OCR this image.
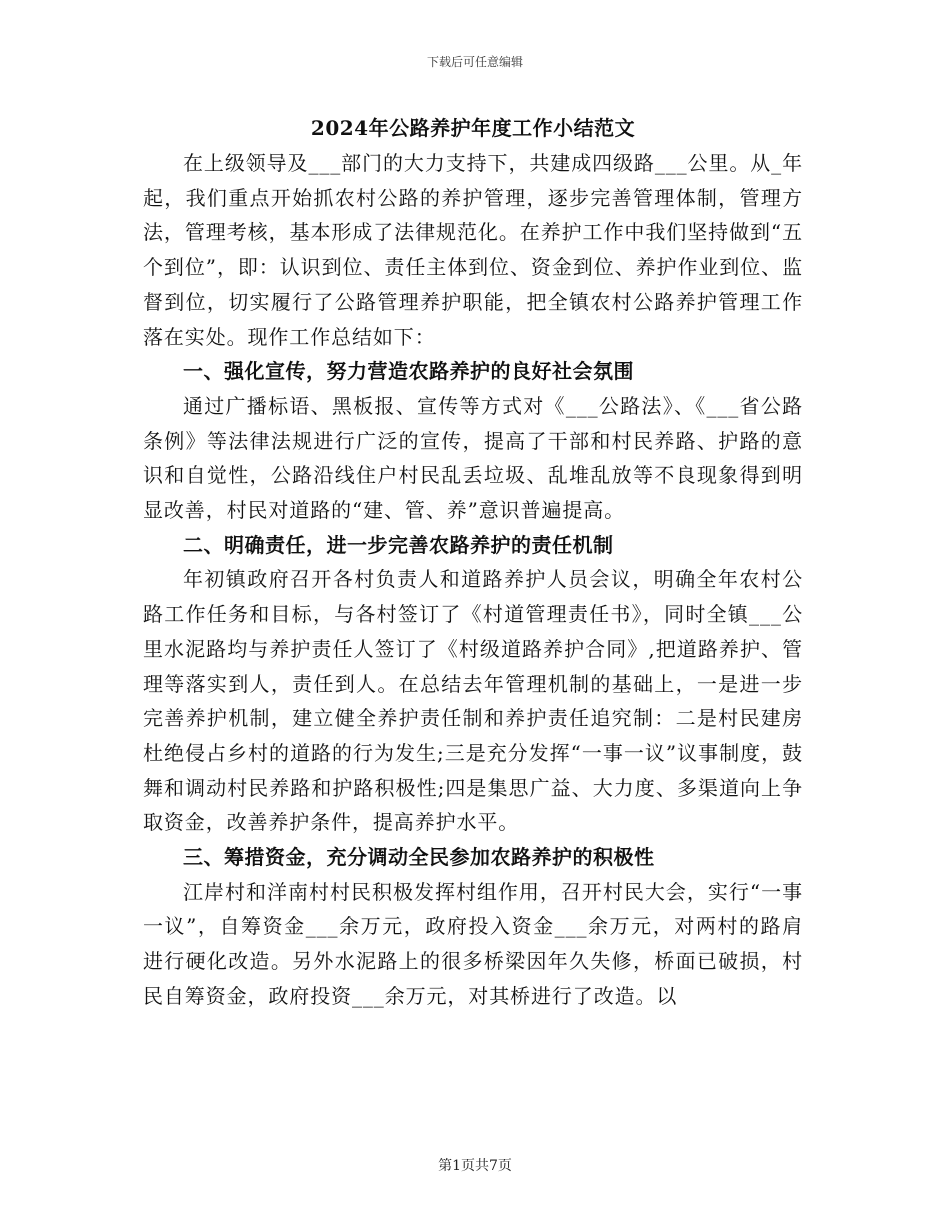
下载后可任意编辑
2024年公路养护年度工作小结范文

在上级领导及___部门的大力支持下，共建成四级路___公里。从_年起，我们重点开始抓农村公路的养护管理，逐步完善管理体制，管理方法，管理考核，基本形成了法律规范化。在养护工作中我们坚持做到“五个到位”，即：认识到位、责任主体到位、资金到位、养护作业到位、监督到位，切实履行了公路管理养护职能，把全镇农村公路养护管理工作落在实处。现作工作总结如下：

一、强化宣传，努力营造农路养护的良好社会氛围

通过广播标语、黑板报、宣传等方式对《___公路法》、《___省公路条例》等法律法规进行广泛的宣传，提高了干部和村民养路、护路的意识和自觉性，公路沿线住户村民乱丢垃圾、乱堆乱放等不良现象得到明显改善，村民对道路的“建、管、养”意识普遍提高。

二、明确责任，进一步完善农路养护的责任机制

年初镇政府召开各村负责人和道路养护人员会议，明确全年农村公路工作任务和目标，与各村签订了《村道管理责任书》，同时全镇___公里水泥路均与养护责任人签订了《村级道路养护合同》,把道路养护、管理等落实到人，责任到人。在总结去年管理机制的基础上，一是进一步完善养护机制，建立健全养护责任制和养护责任追究制：二是村民建房杜绝侵占乡村的道路的行为发生;三是充分发挥“一事一议”议事制度，鼓舞和调动村民养路和护路积极性;四是集思广益、大力度、多渠道向上争取资金，改善养护条件，提高养护水平。

三、筹措资金，充分调动全民参加农路养护的积极性

江岸村和洋南村村民积极发挥村组作用，召开村民大会，实行“一事一议”，自筹资金___余万元，政府投入资金___余万元，对两村的路肩进行硬化改造。另外水泥路上的很多桥梁因年久失修，桥面已破损，村民自筹资金，政府投资___余万元，对其桥进行了改造。以

第1页共7页
